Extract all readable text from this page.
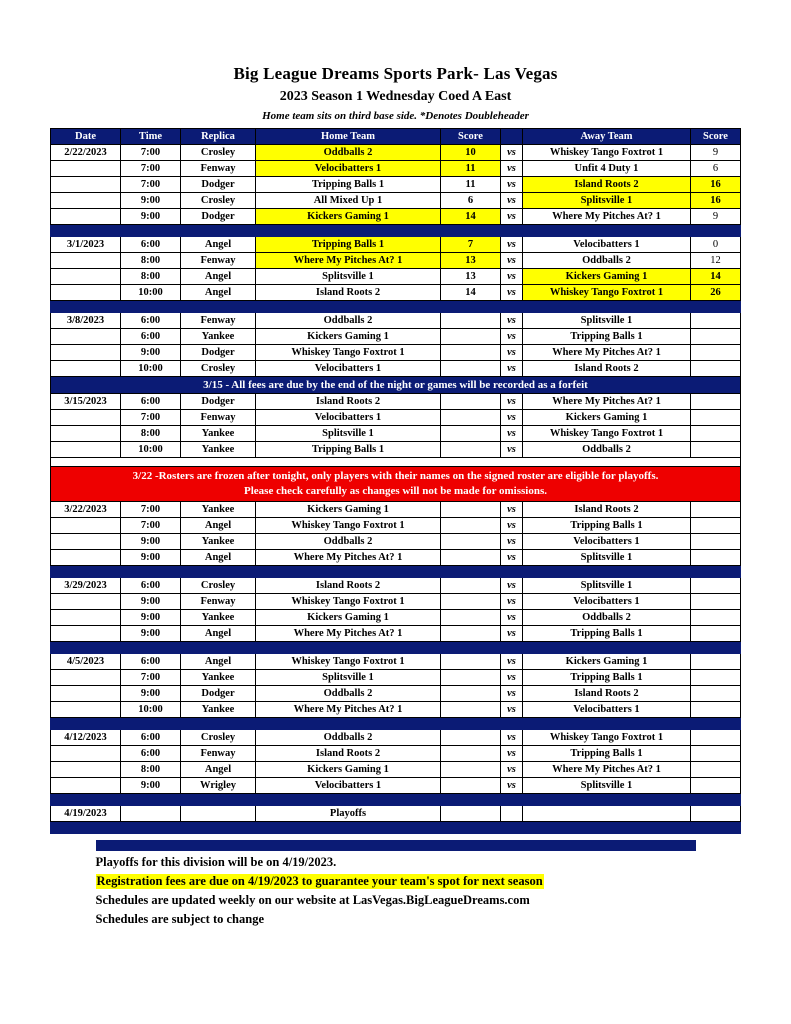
Big League Dreams Sports Park- Las Vegas
2023 Season 1 Wednesday Coed A East
Home team sits on third base side. *Denotes Doubleheader
Date	Time	Replica	Home Team	Score		Away Team	Score
2/22/2023	7:00	Crosley	Oddballs 2	10	vs	Whiskey Tango Foxtrot 1	9
	7:00	Fenway	Velocibatters 1	11	vs	Unfit 4 Duty 1	6
	7:00	Dodger	Tripping Balls 1	11	vs	Island Roots 2	16
	9:00	Crosley	All Mixed Up 1	6	vs	Splitsville 1	16
	9:00	Dodger	Kickers Gaming 1	14	vs	Where My Pitches At? 1	9

3/1/2023	6:00	Angel	Tripping Balls 1	7	vs	Velocibatters 1	0
	8:00	Fenway	Where My Pitches At? 1	13	vs	Oddballs 2	12
	8:00	Angel	Splitsville 1	13	vs	Kickers Gaming 1	14
	10:00	Angel	Island Roots 2	14	vs	Whiskey Tango Foxtrot 1	26

3/8/2023	6:00	Fenway	Oddballs 2		vs	Splitsville 1	
	6:00	Yankee	Kickers Gaming 1		vs	Tripping Balls 1	
	9:00	Dodger	Whiskey Tango Foxtrot 1		vs	Where My Pitches At? 1	
	10:00	Crosley	Velocibatters 1		vs	Island Roots 2	
3/15 - All fees are due by the end of the night or games will be recorded as a forfeit							
3/15/2023	6:00	Dodger	Island Roots 2		vs	Where My Pitches At? 1	
	7:00	Fenway	Velocibatters 1		vs	Kickers Gaming 1	
	8:00	Yankee	Splitsville 1		vs	Whiskey Tango Foxtrot 1	
	10:00	Yankee	Tripping Balls 1		vs	Oddballs 2	

3/22 -Rosters are frozen after tonight, only players with their names on the signed roster are eligible for playoffs.
Please check carefully as changes will not be made for omissions.							

3/22/2023	7:00	Yankee	Kickers Gaming 1		vs	Island Roots 2	
	7:00	Angel	Whiskey Tango Foxtrot 1		vs	Tripping Balls 1	
	9:00	Yankee	Oddballs 2		vs	Velocibatters 1	
	9:00	Angel	Where My Pitches At? 1		vs	Splitsville 1	

3/29/2023	6:00	Crosley	Island Roots 2		vs	Splitsville 1	
	9:00	Fenway	Whiskey Tango Foxtrot 1		vs	Velocibatters 1	
	9:00	Yankee	Kickers Gaming 1		vs	Oddballs 2	
	9:00	Angel	Where My Pitches At? 1		vs	Tripping Balls 1	

4/5/2023	6:00	Angel	Whiskey Tango Foxtrot 1		vs	Kickers Gaming 1	
	7:00	Yankee	Splitsville 1		vs	Tripping Balls 1	
	9:00	Dodger	Oddballs 2		vs	Island Roots 2	
	10:00	Yankee	Where My Pitches At? 1		vs	Velocibatters 1	

4/12/2023	6:00	Crosley	Oddballs 2		vs	Whiskey Tango Foxtrot 1	
	6:00	Fenway	Island Roots 2		vs	Tripping Balls 1	
	8:00	Angel	Kickers Gaming 1		vs	Where My Pitches At? 1	
	9:00	Wrigley	Velocibatters 1		vs	Splitsville 1	

4/19/2023			Playoffs				

Playoffs for this division will be on 4/19/2023.
Registration fees are due on 4/19/2023 to guarantee your team's spot for next season
Schedules are updated weekly on our website at LasVegas.BigLeagueDreams.com
Schedules are subject to change
